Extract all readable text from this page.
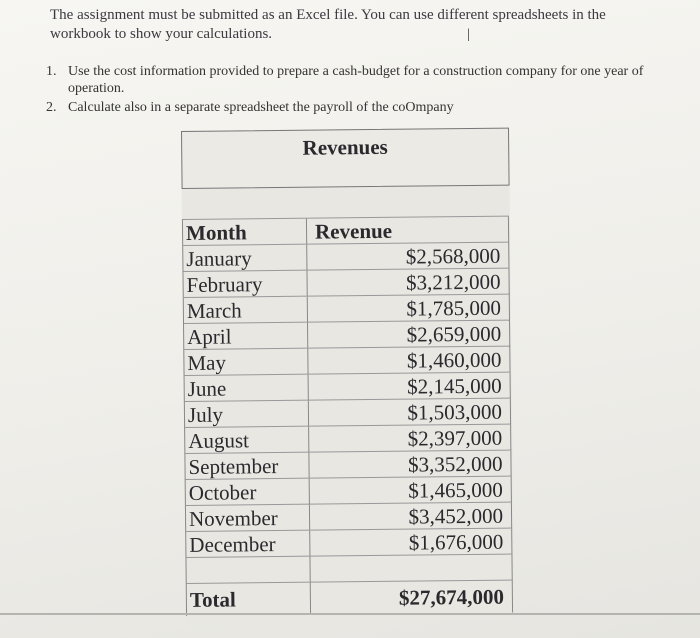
The assignment must be submitted as an Excel file. You can use different spreadsheets in the workbook to show your calculations.	I
1. Use the cost information provided to prepare a cash-budget for a construction company for one year of operation.
2. Calculate also in a separate spreadsheet the payroll of the coOmpany
Revenues
Month	Revenue
January	$2,568,000
February	$3,212,000
March	$1,785,000
April	$2,659,000
May	$1,460,000
June	$2,145,000
July	$1,503,000
August	$2,397,000
September	$3,352,000
October	$1,465,000
November	$3,452,000
December	$1,676,000
Total	$27,674,000
